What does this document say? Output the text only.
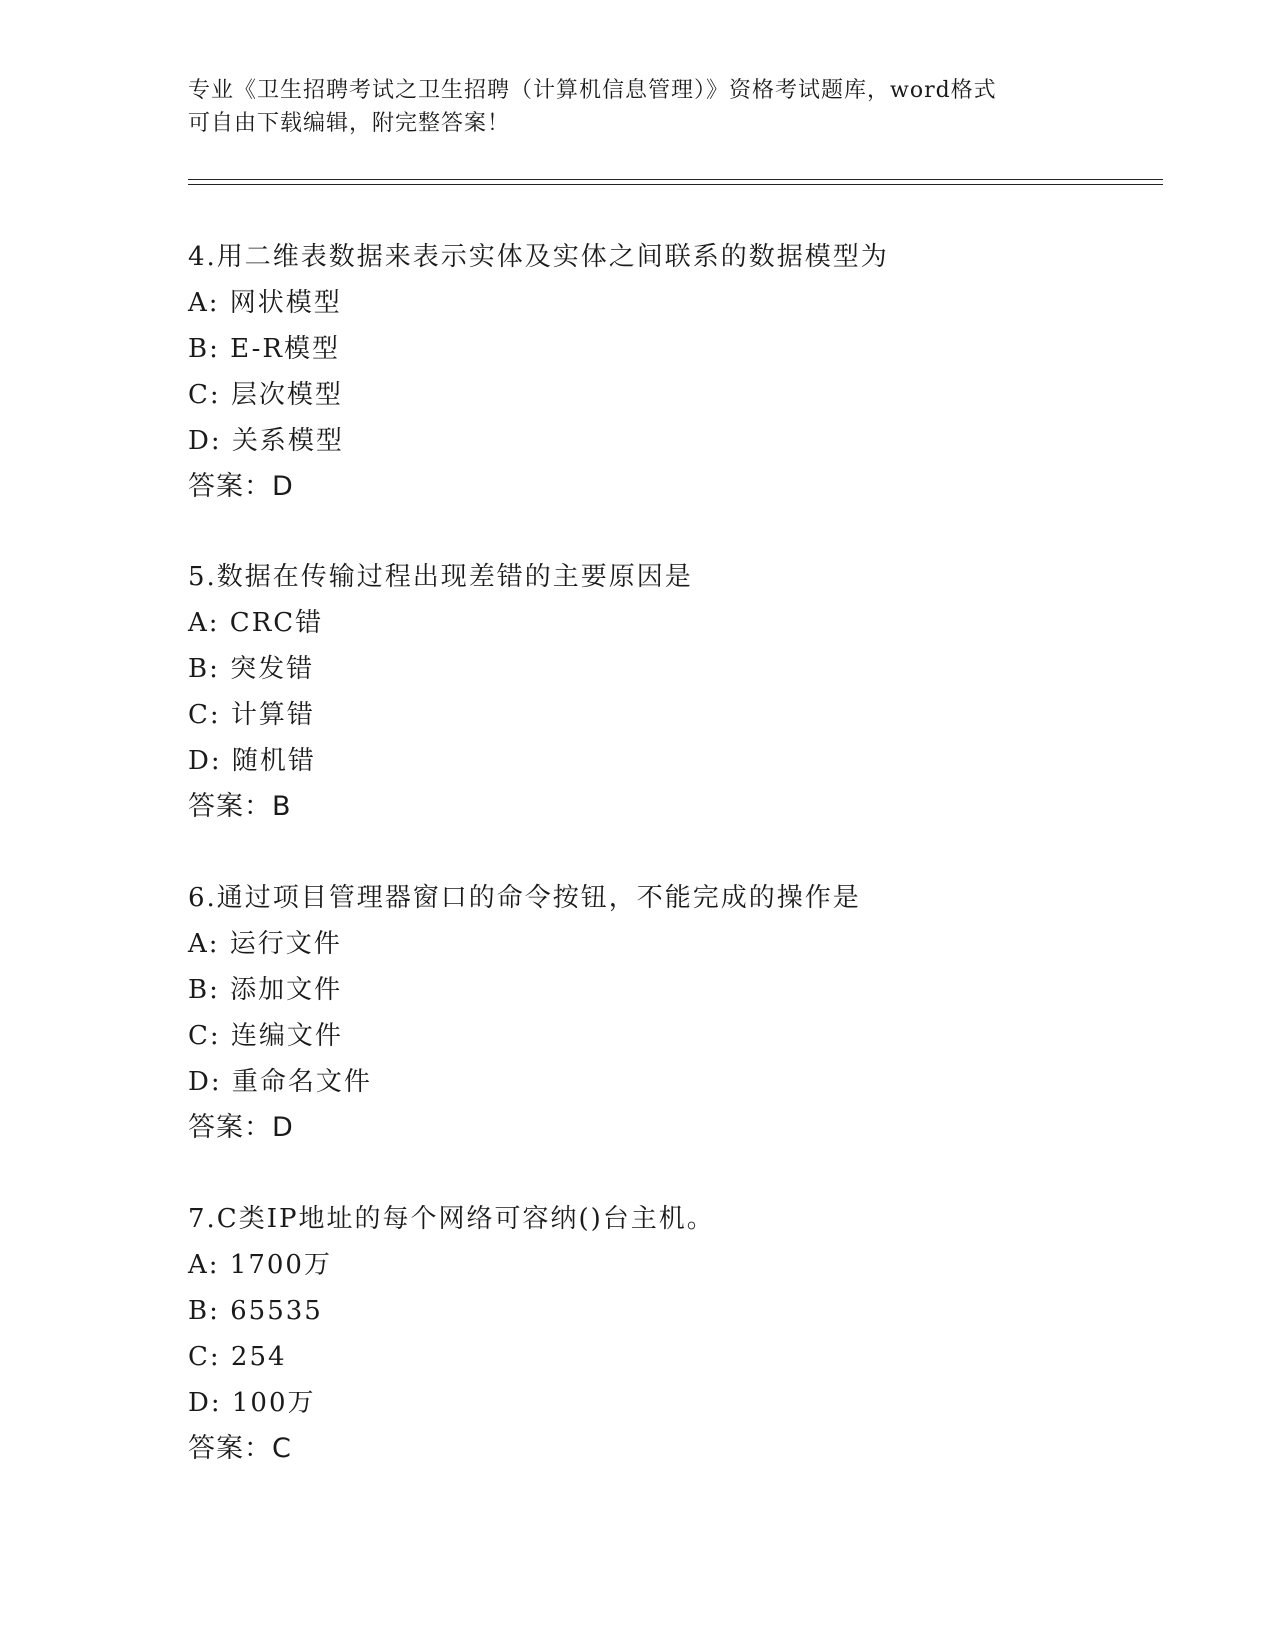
专业《卫生招聘考试之卫生招聘（计算机信息管理）》资格考试题库，word格式
可自由下载编辑，附完整答案！
4.用二维表数据来表示实体及实体之间联系的数据模型为
A: 网状模型
B: E-R模型
C: 层次模型
D: 关系模型
答案：D
5.数据在传输过程出现差错的主要原因是
A: CRC错
B: 突发错
C: 计算错
D: 随机错
答案：B
6.通过项目管理器窗口的命令按钮，不能完成的操作是
A: 运行文件
B: 添加文件
C: 连编文件
D: 重命名文件
答案：D
7.C类IP地址的每个网络可容纳()台主机。
A: 1700万
B: 65535
C: 254
D: 100万
答案：C
